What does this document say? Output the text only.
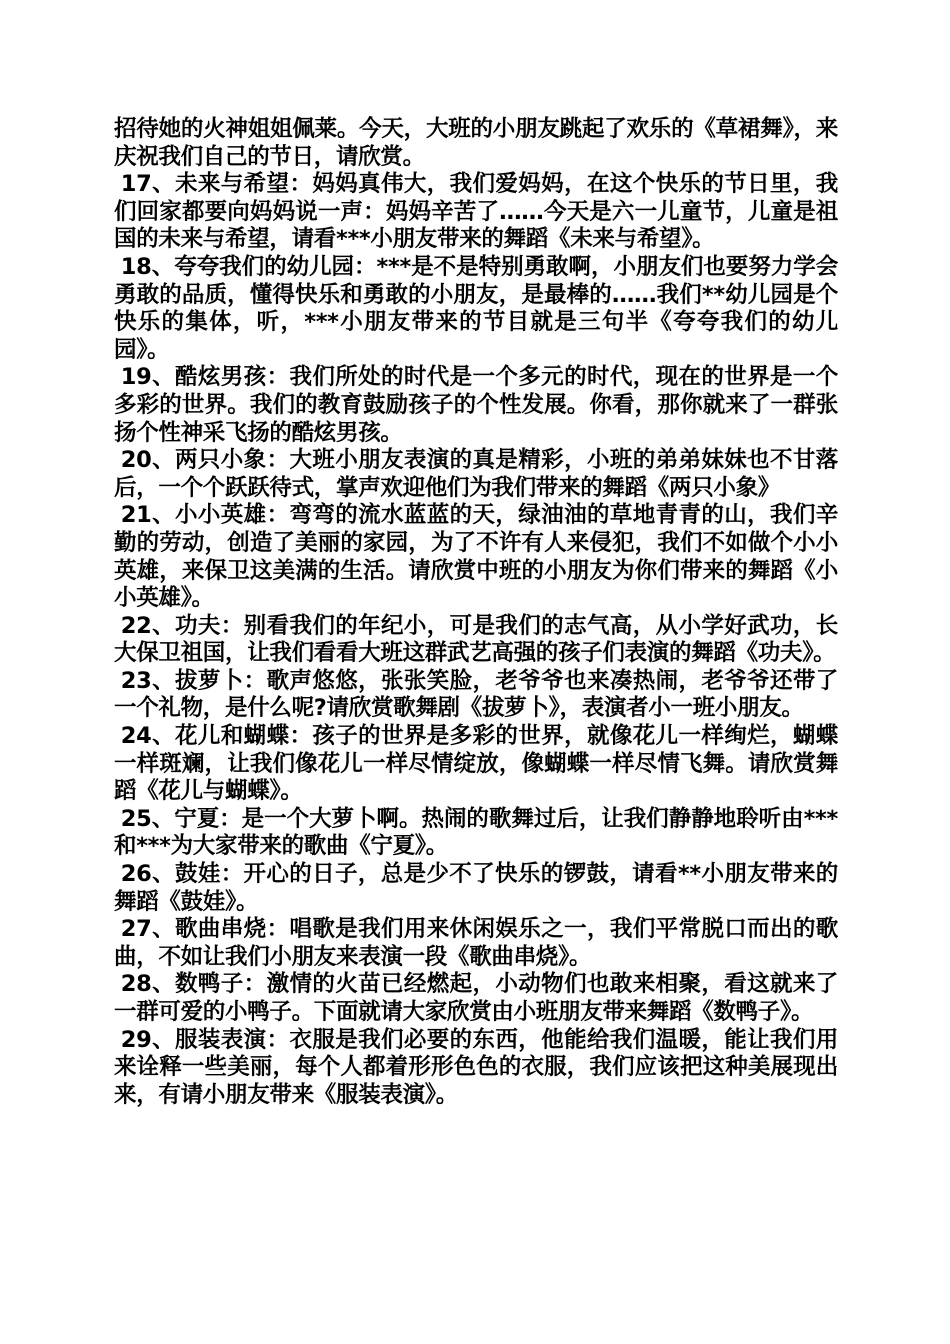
招待她的火神姐姐佩莱。今天，大班的小朋友跳起了欢乐的《草裙舞》，来庆祝我们自己的节日，请欣赏。

17、未来与希望：妈妈真伟大，我们爱妈妈，在这个快乐的节日里，我们回家都要向妈妈说一声：妈妈辛苦了……今天是六一儿童节，儿童是祖国的未来与希望，请看***小朋友带来的舞蹈《未来与希望》。

18、夸夸我们的幼儿园：***是不是特别勇敢啊，小朋友们也要努力学会勇敢的品质，懂得快乐和勇敢的小朋友，是最棒的……我们**幼儿园是个快乐的集体，听，***小朋友带来的节目就是三句半《夸夸我们的幼儿园》。

19、酷炫男孩：我们所处的时代是一个多元的时代，现在的世界是一个多彩的世界。我们的教育鼓励孩子的个性发展。你看，那你就来了一群张扬个性神采飞扬的酷炫男孩。

20、两只小象：大班小朋友表演的真是精彩，小班的弟弟妹妹也不甘落后，一个个跃跃待式，掌声欢迎他们为我们带来的舞蹈《两只小象》

21、小小英雄：弯弯的流水蓝蓝的天，绿油油的草地青青的山，我们辛勤的劳动，创造了美丽的家园，为了不许有人来侵犯，我们不如做个小小英雄，来保卫这美满的生活。请欣赏中班的小朋友为你们带来的舞蹈《小小英雄》。

22、功夫：别看我们的年纪小，可是我们的志气高，从小学好武功，长大保卫祖国，让我们看看大班这群武艺高强的孩子们表演的舞蹈《功夫》。

23、拔萝卜：歌声悠悠，张张笑脸，老爷爷也来凑热闹，老爷爷还带了一个礼物，是什么呢?请欣赏歌舞剧《拔萝卜》，表演者小一班小朋友。

24、花儿和蝴蝶：孩子的世界是多彩的世界，就像花儿一样绚烂，蝴蝶一样斑斓，让我们像花儿一样尽情绽放，像蝴蝶一样尽情飞舞。请欣赏舞蹈《花儿与蝴蝶》。

25、宁夏：是一个大萝卜啊。热闹的歌舞过后，让我们静静地聆听由***和***为大家带来的歌曲《宁夏》。

26、鼓娃：开心的日子，总是少不了快乐的锣鼓，请看**小朋友带来的舞蹈《鼓娃》。

27、歌曲串烧：唱歌是我们用来休闲娱乐之一，我们平常脱口而出的歌曲，不如让我们小朋友来表演一段《歌曲串烧》。

28、数鸭子：激情的火苗已经燃起，小动物们也敢来相聚，看这就来了一群可爱的小鸭子。下面就请大家欣赏由小班朋友带来舞蹈《数鸭子》。

29、服装表演：衣服是我们必要的东西，他能给我们温暖，能让我们用来诠释一些美丽，每个人都着形形色色的衣服，我们应该把这种美展现出来，有请小朋友带来《服装表演》。
